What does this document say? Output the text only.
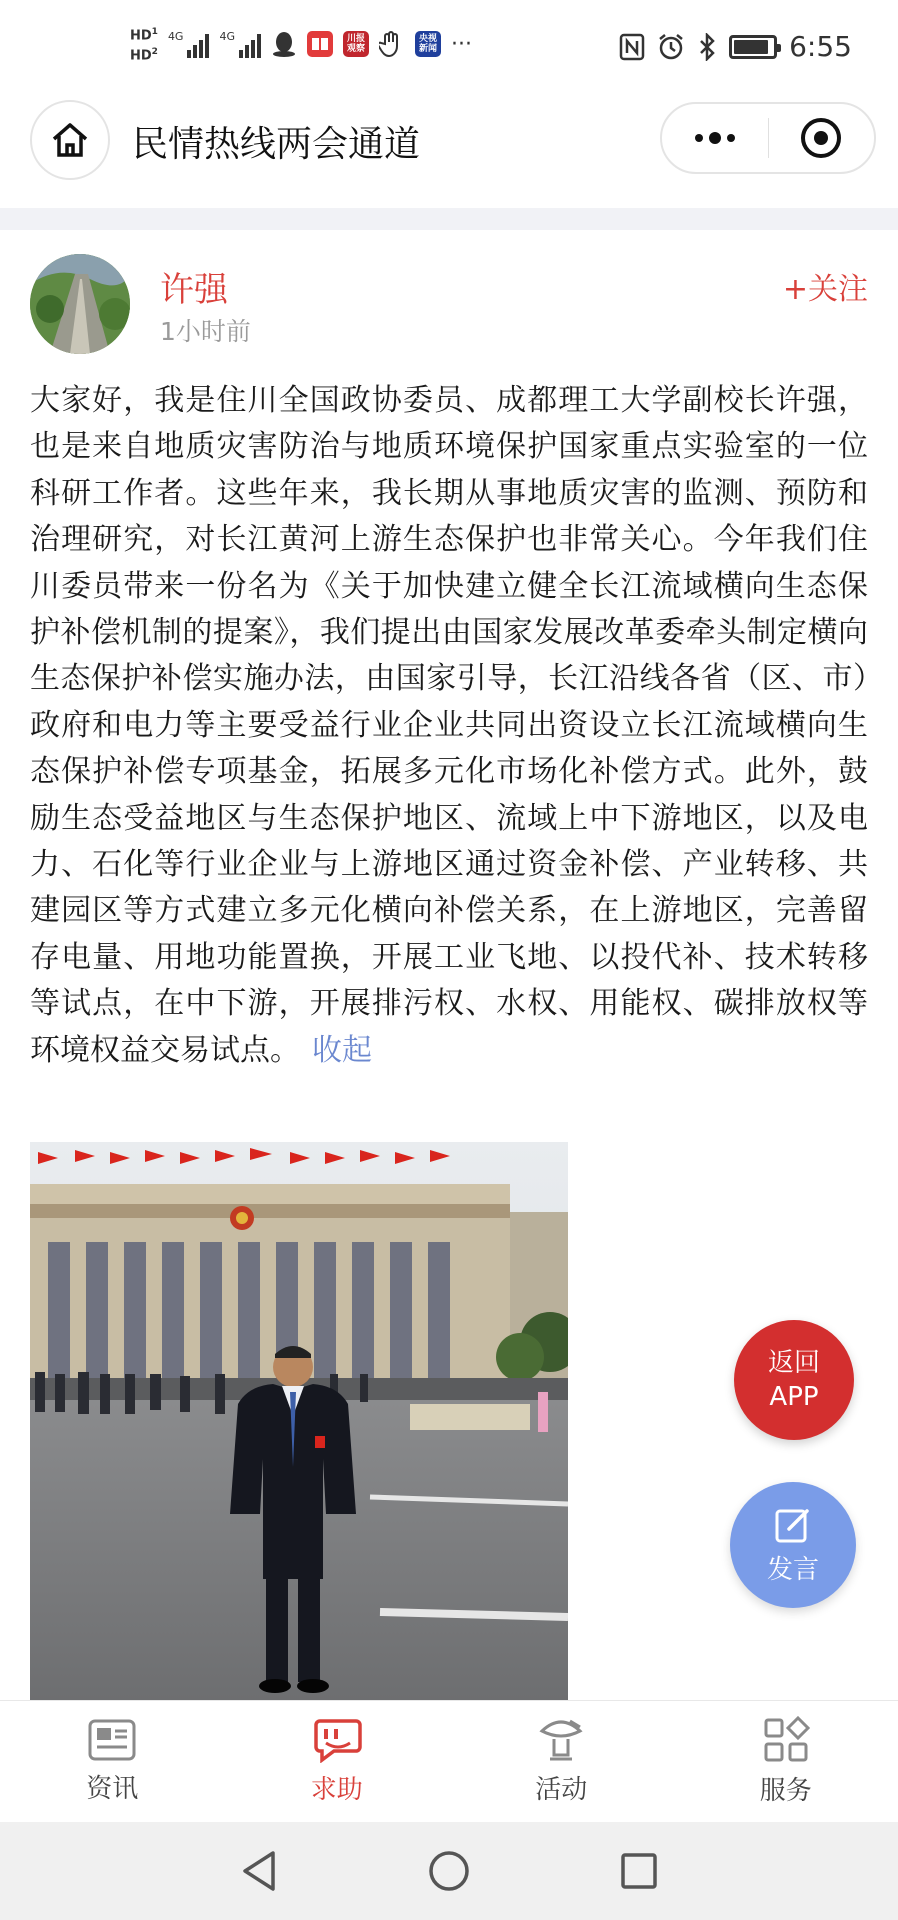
$HD^1$
$HD^2$
4G	4G	川报观察
央视新闻 ···	6:55
民情热线两会通道
许强
1小时前
+关注
大家好，我是住川全国政协委员、成都理工大学副校长许强，也是来自地质灾害防治与地质环境保护国家重点实验室的一位科研工作者。这些年来，我长期从事地质灾害的监测、预防和治理研究，对长江黄河上游生态保护也非常关心。今年我们住川委员带来一份名为《关于加快建立健全长江流域横向生态保护补偿机制的提案》，我们提出由国家发展改革委牵头制定横向生态保护补偿实施办法，由国家引导，长江沿线各省（区、市）政府和电力等主要受益行业企业共同出资设立长江流域横向生态保护补偿专项基金，拓展多元化市场化补偿方式。此外，鼓励生态受益地区与生态保护地区、流域上中下游地区，以及电力、石化等行业企业与上游地区通过资金补偿、产业转移、共建园区等方式建立多元化横向补偿关系，在上游地区，完善留存电量、用地功能置换，开展工业飞地、以投代补、技术转移等试点，在中下游，开展排污权、水权、用能权、碳排放权等环境权益交易试点。 收起
返回
APP
发言
资讯	求助	活动	服务
